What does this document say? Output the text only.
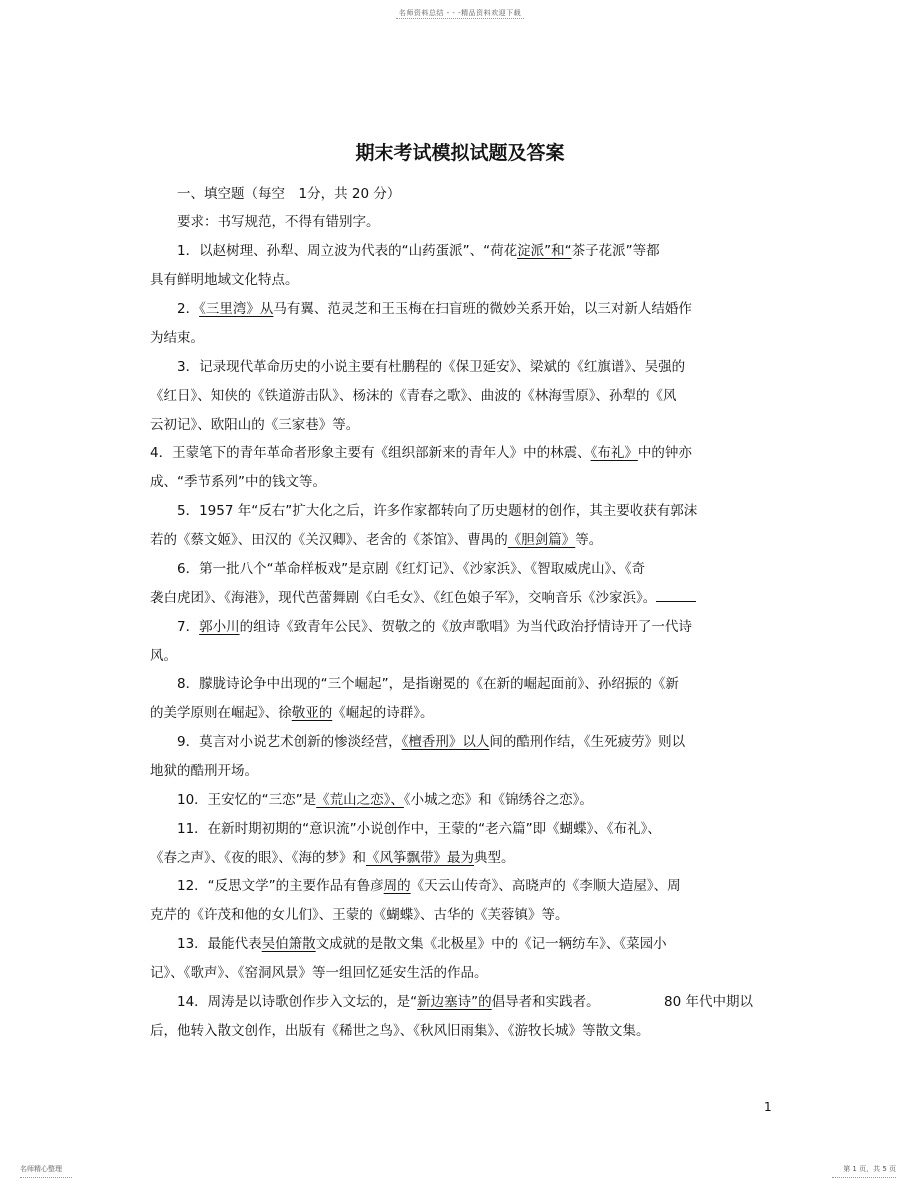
名师资料总结 - - -精品资料欢迎下载
期末考试模拟试题及答案
一、填空题（每空　1分，共 20 分）
要求：书写规范，不得有错别字。
1．以赵树理、孙犁、周立波为代表的“山药蛋派”、“荷花淀派”和“茶子花派”等都
具有鲜明地域文化特点。
2．《三里湾》从马有翼、范灵芝和王玉梅在扫盲班的微妙关系开始，以三对新人结婚作
为结束。
3．记录现代革命历史的小说主要有杜鹏程的《保卫延安》、梁斌的《红旗谱》、吴强的
《红日》、知侠的《铁道游击队》、杨沫的《青春之歌》、曲波的《林海雪原》、孙犁的《风
云初记》、欧阳山的《三家巷》等。
4．王蒙笔下的青年革命者形象主要有《组织部新来的青年人》中的林震、《布礼》中的钟亦
成、“季节系列”中的钱文等。
5．1957 年“反右”扩大化之后，许多作家都转向了历史题材的创作，其主要收获有郭沫
若的《蔡文姬》、田汉的《关汉卿》、老舍的《茶馆》、曹禺的《胆剑篇》等。
6．第一批八个“革命样板戏”是京剧《红灯记》、《沙家浜》、《智取威虎山》、《奇
袭白虎团》、《海港》，现代芭蕾舞剧《白毛女》、《红色娘子军》，交响音乐《沙家浜》。
7．郭小川的组诗《致青年公民》、贺敬之的《放声歌唱》为当代政治抒情诗开了一代诗
风。
8．朦胧诗论争中出现的“三个崛起”，是指谢冕的《在新的崛起面前》、孙绍振的《新
的美学原则在崛起》、徐敬亚的《崛起的诗群》。
9．莫言对小说艺术创新的惨淡经营，《檀香刑》以人间的酷刑作结，《生死疲劳》则以
地狱的酷刑开场。
10．王安忆的“三恋”是《荒山之恋》、《小城之恋》和《锦绣谷之恋》。
11．在新时期初期的“意识流”小说创作中，王蒙的“老六篇”即《蝴蝶》、《布礼》、
《春之声》、《夜的眼》、《海的梦》和《风筝飘带》最为典型。
12．“反思文学”的主要作品有鲁彦周的《天云山传奇》、高晓声的《李顺大造屋》、周
克芹的《许茂和他的女儿们》、王蒙的《蝴蝶》、古华的《芙蓉镇》等。
13．最能代表吴伯箫散文成就的是散文集《北极星》中的《记一辆纺车》、《菜园小
记》、《歌声》、《窑洞风景》等一组回忆延安生活的作品。
14．周涛是以诗歌创作步入文坛的，是“新边塞诗”的倡导者和实践者。	80 年代中期以
后，他转入散文创作，出版有《稀世之鸟》、《秋风旧雨集》、《游牧长城》等散文集。
1
名师精心整理	第 1 页，共 5 页
